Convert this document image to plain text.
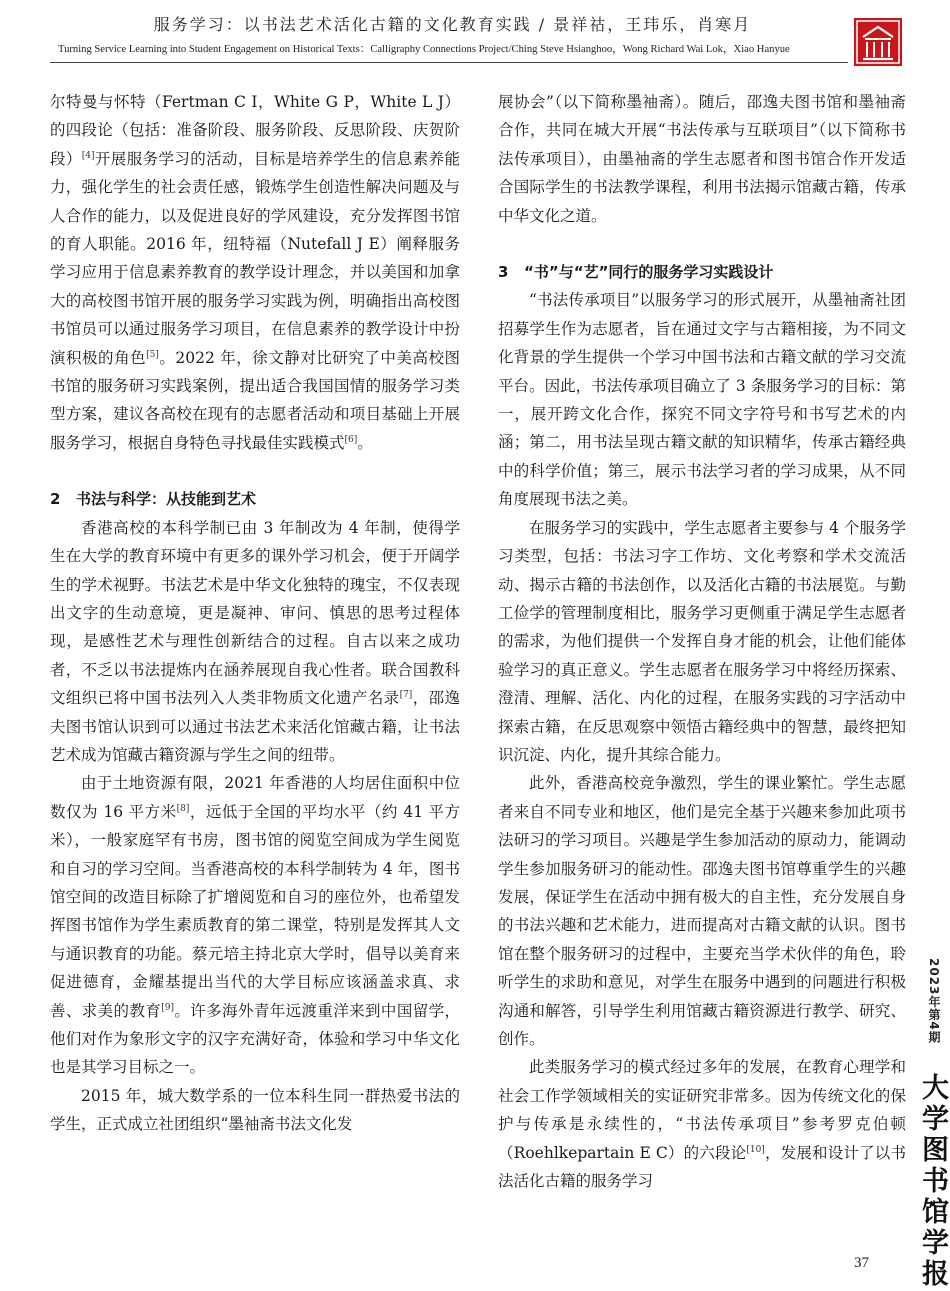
服务学习：以书法艺术活化古籍的文化教育实践 / 景祥祜，王玮乐，肖寒月
Turning Service Learning into Student Engagement on Historical Texts：Calligraphy Connections Project/Ching Steve Hsianghoo，Wong Richard Wai Lok，Xiao Hanyue

尔特曼与怀特（Fertman C I，White G P，White L J）的四段论（包括：准备阶段、服务阶段、反思阶段、庆贺阶段）[4]开展服务学习的活动，目标是培养学生的信息素养能力，强化学生的社会责任感，锻炼学生创造性解决问题及与人合作的能力，以及促进良好的学风建设，充分发挥图书馆的育人职能。2016 年，纽特福（Nutefall J E）阐释服务学习应用于信息素养教育的教学设计理念，并以美国和加拿大的高校图书馆开展的服务学习实践为例，明确指出高校图书馆员可以通过服务学习项目，在信息素养的教学设计中扮演积极的角色[5]。2022 年，徐文静对比研究了中美高校图书馆的服务研习实践案例，提出适合我国国情的服务学习类型方案，建议各高校在现有的志愿者活动和项目基础上开展服务学习，根据自身特色寻找最佳实践模式[6]。

2 书法与科学：从技能到艺术

香港高校的本科学制已由 3 年制改为 4 年制，使得学生在大学的教育环境中有更多的课外学习机会，便于开阔学生的学术视野。书法艺术是中华文化独特的瑰宝，不仅表现出文字的生动意境，更是凝神、审问、慎思的思考过程体现，是感性艺术与理性创新结合的过程。自古以来之成功者，不乏以书法提炼内在涵养展现自我心性者。联合国教科文组织已将中国书法列入人类非物质文化遗产名录[7]，邵逸夫图书馆认识到可以通过书法艺术来活化馆藏古籍，让书法艺术成为馆藏古籍资源与学生之间的纽带。

由于土地资源有限，2021 年香港的人均居住面积中位数仅为 16 平方米[8]，远低于全国的平均水平（约 41 平方米），一般家庭罕有书房，图书馆的阅览空间成为学生阅览和自习的学习空间。当香港高校的本科学制转为 4 年，图书馆空间的改造目标除了扩增阅览和自习的座位外，也希望发挥图书馆作为学生素质教育的第二课堂，特别是发挥其人文与通识教育的功能。蔡元培主持北京大学时，倡导以美育来促进德育，金耀基提出当代的大学目标应该涵盖求真、求善、求美的教育[9]。许多海外青年远渡重洋来到中国留学，他们对作为象形文字的汉字充满好奇，体验和学习中华文化也是其学习目标之一。

2015 年，城大数学系的一位本科生同一群热爱书法的学生，正式成立社团组织“墨袖斋书法文化发

展协会”（以下简称墨袖斋）。随后，邵逸夫图书馆和墨袖斋合作，共同在城大开展“书法传承与互联项目”（以下简称书法传承项目），由墨袖斋的学生志愿者和图书馆合作开发适合国际学生的书法教学课程，利用书法揭示馆藏古籍，传承中华文化之道。

3 “书”与“艺”同行的服务学习实践设计

“书法传承项目”以服务学习的形式展开，从墨袖斋社团招募学生作为志愿者，旨在通过文字与古籍相接，为不同文化背景的学生提供一个学习中国书法和古籍文献的学习交流平台。因此，书法传承项目确立了 3 条服务学习的目标：第一，展开跨文化合作，探究不同文字符号和书写艺术的内涵；第二，用书法呈现古籍文献的知识精华，传承古籍经典中的科学价值；第三，展示书法学习者的学习成果，从不同角度展现书法之美。

在服务学习的实践中，学生志愿者主要参与 4 个服务学习类型，包括：书法习字工作坊、文化考察和学术交流活动、揭示古籍的书法创作，以及活化古籍的书法展览。与勤工俭学的管理制度相比，服务学习更侧重于满足学生志愿者的需求，为他们提供一个发挥自身才能的机会，让他们能体验学习的真正意义。学生志愿者在服务学习中将经历探索、澄清、理解、活化、内化的过程，在服务实践的习字活动中探索古籍，在反思观察中领悟古籍经典中的智慧，最终把知识沉淀、内化，提升其综合能力。

此外，香港高校竞争激烈，学生的课业繁忙。学生志愿者来自不同专业和地区，他们是完全基于兴趣来参加此项书法研习的学习项目。兴趣是学生参加活动的原动力，能调动学生参加服务研习的能动性。邵逸夫图书馆尊重学生的兴趣发展，保证学生在活动中拥有极大的自主性，充分发展自身的书法兴趣和艺术能力，进而提高对古籍文献的认识。图书馆在整个服务研习的过程中，主要充当学术伙伴的角色，聆听学生的求助和意见，对学生在服务中遇到的问题进行积极沟通和解答，引导学生利用馆藏古籍资源进行教学、研究、创作。

此类服务学习的模式经过多年的发展，在教育心理学和社会工作学领域相关的实证研究非常多。因为传统文化的保护与传承是永续性的，“书法传承项目”参考罗克伯顿（Roehlkepartain E C）的六段论[10]，发展和设计了以书法活化古籍的服务学习

2023年第4期
大学图书馆学报
37
